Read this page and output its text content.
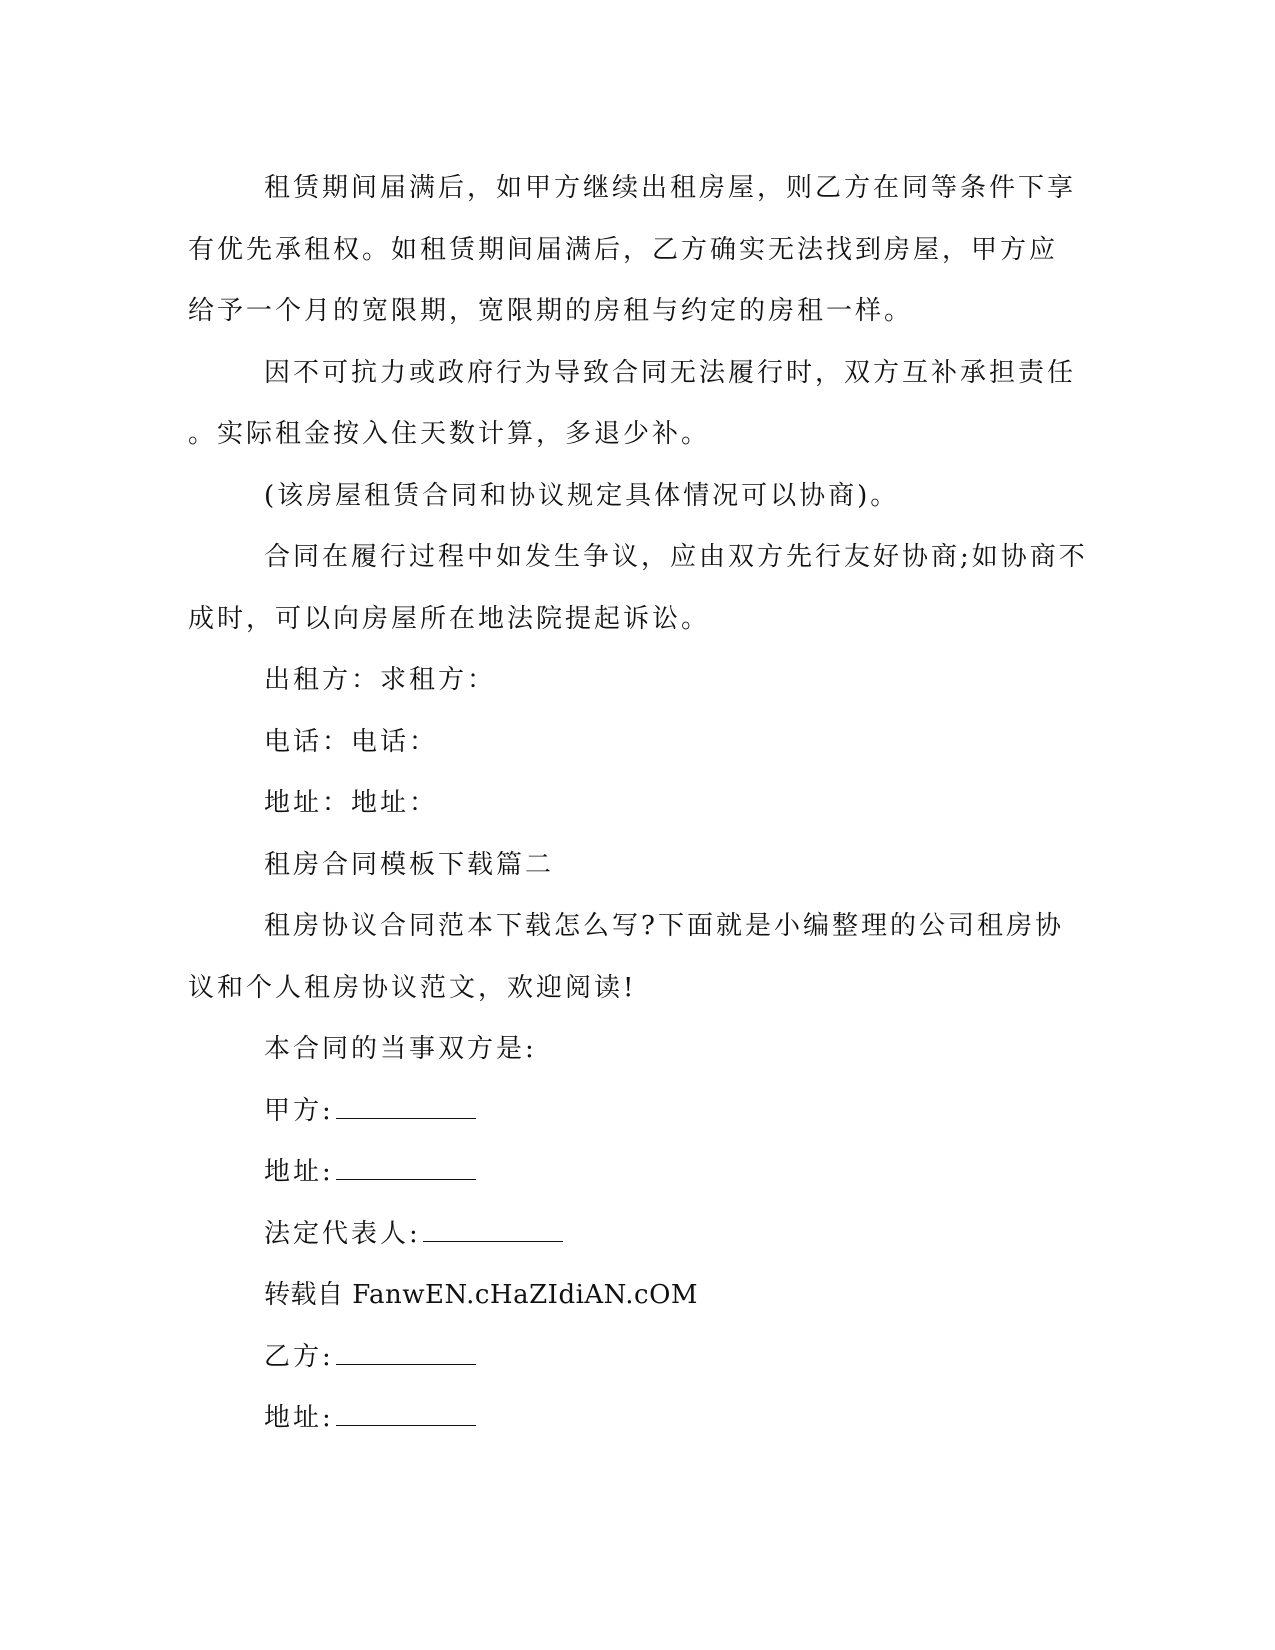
租赁期间届满后，如甲方继续出租房屋，则乙方在同等条件下享
有优先承租权。如租赁期间届满后，乙方确实无法找到房屋，甲方应
给予一个月的宽限期，宽限期的房租与约定的房租一样。
因不可抗力或政府行为导致合同无法履行时，双方互补承担责任
。实际租金按入住天数计算，多退少补。
(该房屋租赁合同和协议规定具体情况可以协商)。
合同在履行过程中如发生争议，应由双方先行友好协商;如协商不
成时，可以向房屋所在地法院提起诉讼。
出租方：求租方：
电话：电话：
地址：地址：
租房合同模板下载篇二
租房协议合同范本下载怎么写?下面就是小编整理的公司租房协
议和个人租房协议范文，欢迎阅读!
本合同的当事双方是:
甲方:
地址:
法定代表人:
转载自 FanwEN.cHaZIdiAN.cOM
乙方:
地址:
